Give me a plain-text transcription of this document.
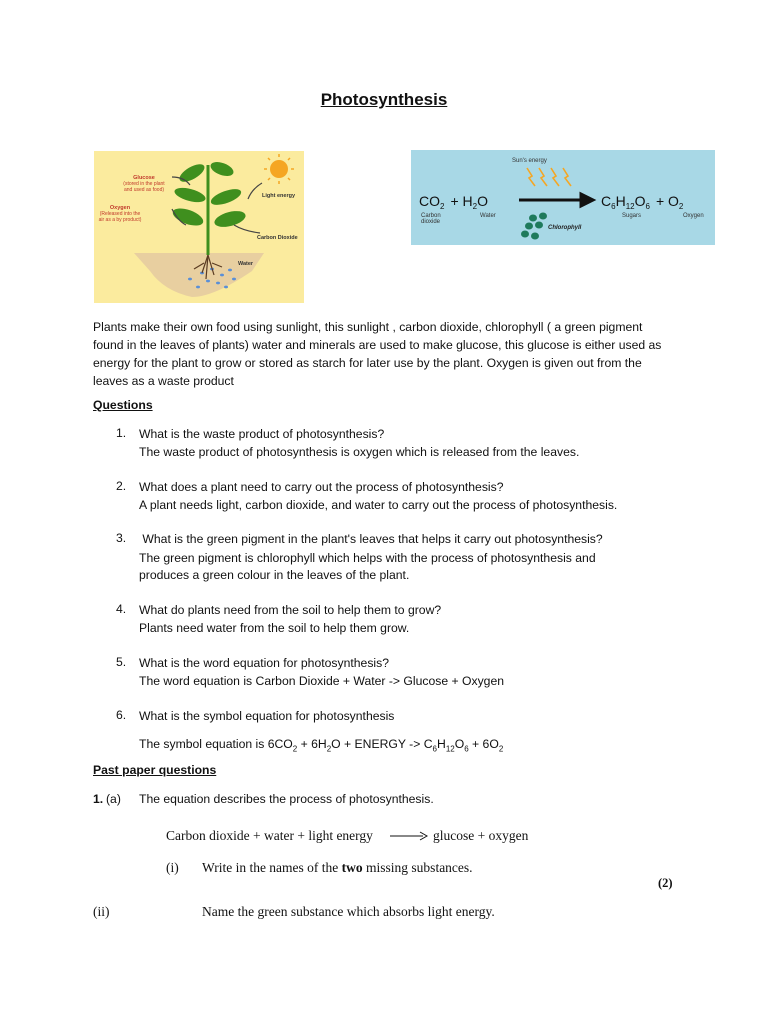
Photosynthesis
Glucose
(stored in the plant
and used as food)
Oxygen
(Released into the
air as a by product)
Light energy
Carbon Dioxide
Water
Sun's energy
$CO_2 + H_2O$	$C_6H_{12}O_6 + O_2$
Carbon
dioxide
Water	Sugars	Oxygen
Chlorophyll
Plants make their own food using sunlight, this sunlight , carbon dioxide, chlorophyll ( a green pigment found in the leaves of plants) water and minerals are used to make glucose, this glucose is either used as energy for the plant to grow or stored as starch for later use by the plant. Oxygen is given out from the leaves as a waste product
Questions
1. What is the waste product of photosynthesis?
The waste product of photosynthesis is oxygen which is released from the leaves.
2. What does a plant need to carry out the process of photosynthesis?
A plant needs light, carbon dioxide, and water to carry out the process of photosynthesis.
3. What is the green pigment in the plant's leaves that helps it carry out photosynthesis?
The green pigment is chlorophyll which helps with the process of photosynthesis and
produces a green colour in the leaves of the plant.
4. What do plants need from the soil to help them to grow?
Plants need water from the soil to help them grow.
5. What is the word equation for photosynthesis?
The word equation is Carbon Dioxide + Water -> Glucose + Oxygen
6. What is the symbol equation for photosynthesis
The symbol equation is $6CO_2 + 6H_2O$ + ENERGY -> $C_6H_{12}O_6 + 6O_2$
Past paper questions
1. (a) The equation describes the process of photosynthesis.
Carbon dioxide + water + light energy	glucose + oxygen
(i) Write in the names of the two missing substances.
(2)
(ii)	Name the green substance which absorbs light energy.
